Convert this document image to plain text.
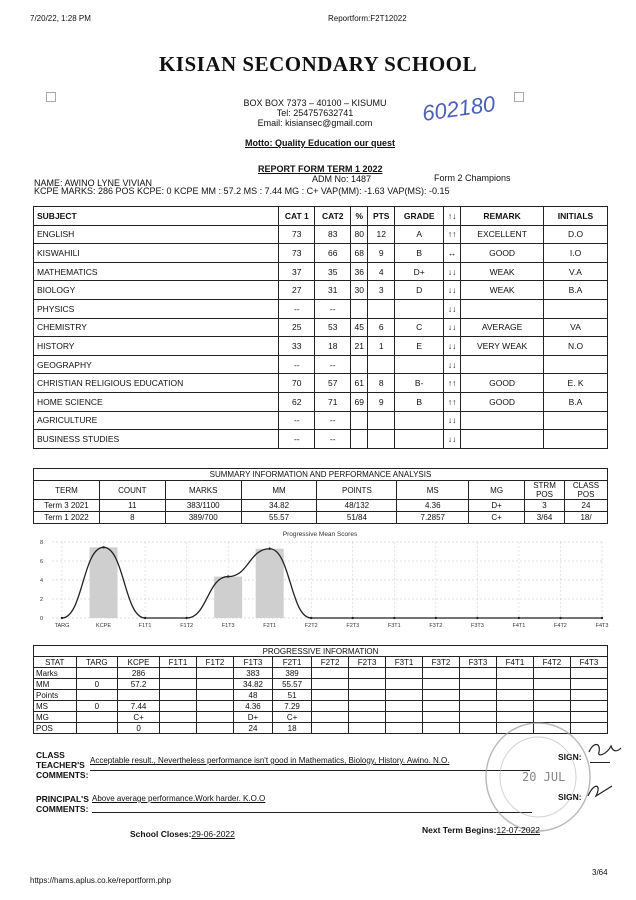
7/20/22, 1:28 PM	Reportform:F2T12022
KISIAN SECONDARY SCHOOL
BOX BOX 7373 – 40100 – KISUMU
Tel: 254757632741
Email: kisiansec@gmail.com
Motto: Quality Education our quest
602180
REPORT FORM TERM 1 2022
NAME: AWINO LYNE VIVIAN	ADM No: 1487	Form 2 Champions
KCPE MARKS: 286 POS KCPE: 0 KCPE MM : 57.2 MS : 7.44 MG : C+ VAP(MM): -1.63 VAP(MS): -0.15
SUBJECT	CAT 1	CAT2	%	PTS	GRADE	↑↓	REMARK	INITIALS
ENGLISH	73	83	80	12	A	↑↑	EXCELLENT	D.O
KISWAHILI	73	66	68	9	B	↔	GOOD	I.O
MATHEMATICS	37	35	36	4	D+	↓↓	WEAK	V.A
BIOLOGY	27	31	30	3	D	↓↓	WEAK	B.A
PHYSICS	--	--				↓↓		
CHEMISTRY	25	53	45	6	C	↓↓	AVERAGE	VA
HISTORY	33	18	21	1	E	↓↓	VERY WEAK	N.O
GEOGRAPHY	--	--				↓↓		
CHRISTIAN RELIGIOUS EDUCATION	70	57	61	8	B-	↑↑	GOOD	E. K
HOME SCIENCE	62	71	69	9	B	↑↑	GOOD	B.A
AGRICULTURE	--	--				↓↓		
BUSINESS STUDIES	--	--				↓↓		
SUMMARY INFORMATION AND PERFORMANCE ANALYSIS								
TERM	COUNT	MARKS	MM	POINTS	MS	MG	STRM POS	CLASS POS
Term 3 2021	11	383/1100	34.82	48/132	4.36	D+	3	24
Term 1 2022	8	389/700	55.57	51/84	7.2857	C+	3/64	18/
Progressive Mean Scores
0
2
4
6
8
TARG	KCPE	F1T1	F1T2	F1T3	F2T1	F2T2	F2T3	F3T1	F3T2	F3T3	F4T1	F4T2	F4T3
PROGRESSIVE INFORMATION														
STAT	TARG	KCPE	F1T1	F1T2	F1T3	F2T1	F2T2	F2T3	F3T1	F3T2	F3T3	F4T1	F4T2	F4T3
Marks		286			383	389								
MM	0	57.2			34.82	55.57								
Points					48	51								
MS	0	7.44			4.36	7.29								
MG		C+			D+	C+								
POS		0			24	18								
CLASS
TEACHER'S
COMMENTS:
Acceptable result., Nevertheless performance isn't good in Mathematics, Biology, History. Awino. N.O.	SIGN:
PRINCIPAL'S
COMMENTS:
Above average performance.Work harder. K.O.O	SIGN:
20 JUL
School Closes:29-06-2022	Next Term Begins:12-07-2022
https://hams.aplus.co.ke/reportform.php
3/64
